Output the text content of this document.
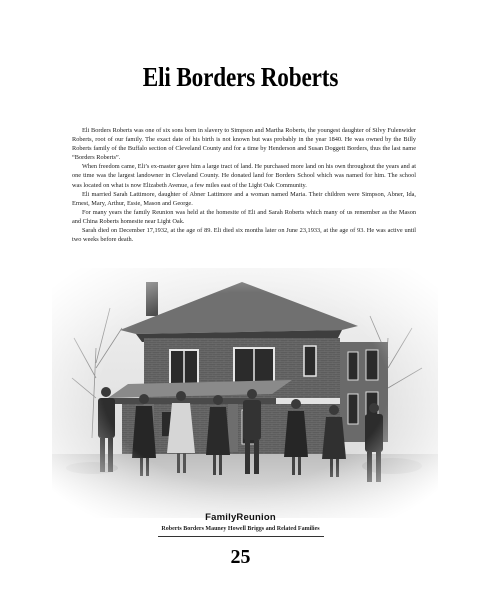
Eli Borders Roberts

Eli Borders Roberts was one of six sons born in slavery to Simpson and Martha Roberts, the youngest daughter of Silvy Fulenwider Roberts, root of our family. The exact date of his birth is not known but was probably in the year 1840. He was owned by the Billy Roberts family of the Buffalo section of Cleveland County and for a time by Henderson and Susan Doggett Borders, thus the last name “Borders Roberts”.

When freedom came, Eli’s ex-master gave him a large tract of land. He purchased more land on his own throughout the years and at one time was the largest landowner in Cleveland County. He donated land for Borders School which was named for him. The school was located on what is now Elizabeth Avenue, a few miles east of the Light Oak Community.

Eli married Sarah Lattimore, daughter of Abner Lattimore and a woman named Maria. Their children were Simpson, Abner, Ida, Ernest, Mary, Arthur, Essie, Mason and George.

For many years the family Reunion was held at the homesite of Eli and Sarah Roberts which many of us remember as the Mason and China Roberts homesite near Light Oak.

Sarah died on December 17,1932, at the age of 89. Eli died six months later on June 23,1933, at the age of 93. He was active until two weeks before death.

FamilyReunion
Roberts Borders Mauney Howell Briggs and Related Families
25
